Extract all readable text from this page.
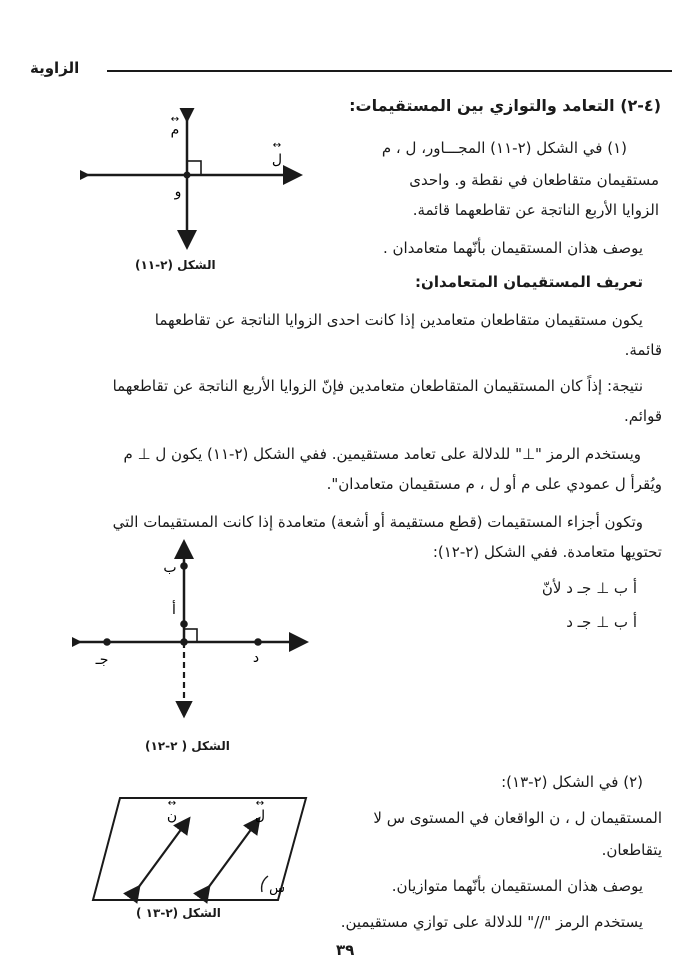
الزاوية
(٤-٢) التعامد والتوازي بين المستقيمات:
م
↔
ل
↔
و
الشكل (٢-١١)
(١) في الشكل (٢-١١) المجـــاور، ل ، م
مستقيمان متقاطعان في نقطة و. واحدى
الزوايا الأربع الناتجة عن تقاطعهما قائمة.
يوصف هذان المستقيمان بأنّهما متعامدان .
تعريف المستقيمان المتعامدان:
يكون مستقيمان متقاطعان متعامدين إذا كانت احدى الزوايا الناتجة عن تقاطعهما
قائمة.
نتيجة: إذاً كان المستقيمان المتقاطعان متعامدين فإنّ الزوايا الأربع الناتجة عن تقاطعهما
قوائم.
ويستخدم الرمز "⊥" للدلالة على تعامد مستقيمين. ففي الشكل (٢-١١) يكون ل ⊥ م
ويُقرأ ل عمودي على م أو ل ، م مستقيمان متعامدان".
وتكون أجزاء المستقيمات (قطع مستقيمة أو أشعة) متعامدة إذا كانت المستقيمات التي
تحتويها متعامدة. ففي الشكل (٢-١٢):
أ ب ⊥ جـ د لأنّ
أ ب ⊥ جـ د
ب
أ
جـ	د
الشكل ( ٢-١٢)
(٢) في الشكل (٢-١٣):
المستقيمان ل ، ن الواقعان في المستوى س لا
يتقاطعان.
يوصف هذان المستقيمان بأنّهما متوازيان.
يستخدم الرمز "//" للدلالة على توازي مستقيمين.
↔
ن
↔
ل
س
الشكل (٢-١٣ )
٣٩
